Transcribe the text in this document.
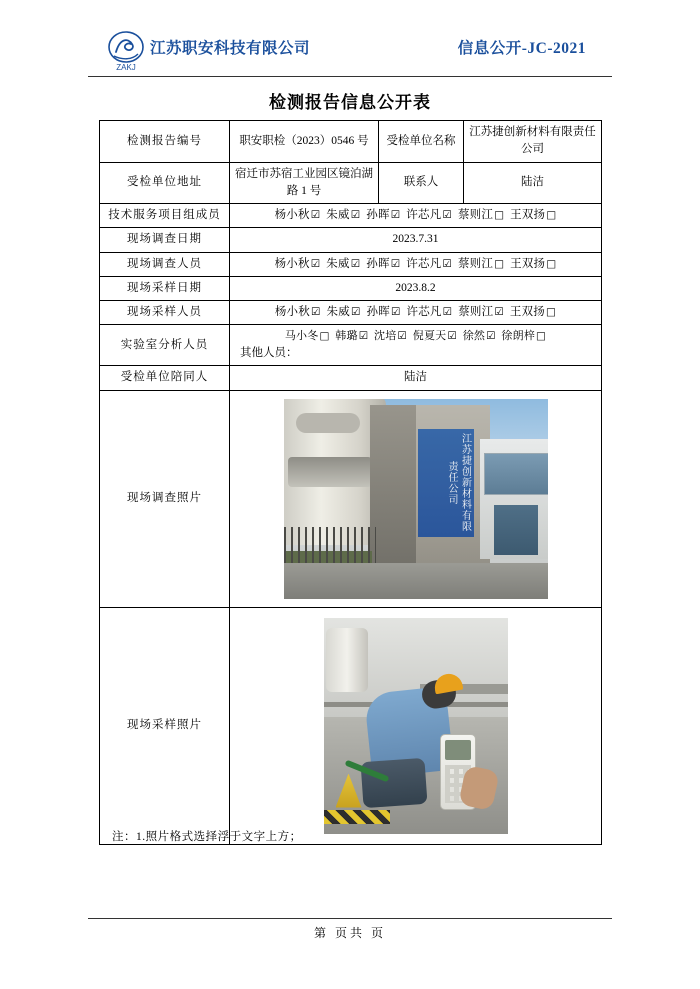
ZAKJ
江苏职安科技有限公司	信息公开-JC-2021
检测报告信息公开表
检测报告编号	职安职检（2023）0546 号	受检单位名称	江苏捷创新材料有限责任公司
受检单位地址	宿迁市苏宿工业园区镜泊湖路 1 号	联系人	陆洁
技术服务项目组成员	杨小秋☑  朱威☑  孙晖☑  许芯凡☑  蔡则江□  王双扬□		
现场调查日期	2023.7.31		
现场调查人员	杨小秋☑  朱威☑  孙晖☑  许芯凡☑  蔡则江□  王双扬□		
现场采样日期	2023.8.2		
现场采样人员	杨小秋☑  朱威☑  孙晖☑  许芯凡☑  蔡则江☑  王双扬□		
实验室分析人员	马小冬□  韩璐☑  沈培☑  倪夏天☑  徐然☑  徐朗梓□
其他人员：		

受检单位陪同人	陆洁		
现场调查照片	江苏捷创新材料有限责任公司		

现场采样照片			
注：1.照片格式选择浮于文字上方；
第 页共 页
